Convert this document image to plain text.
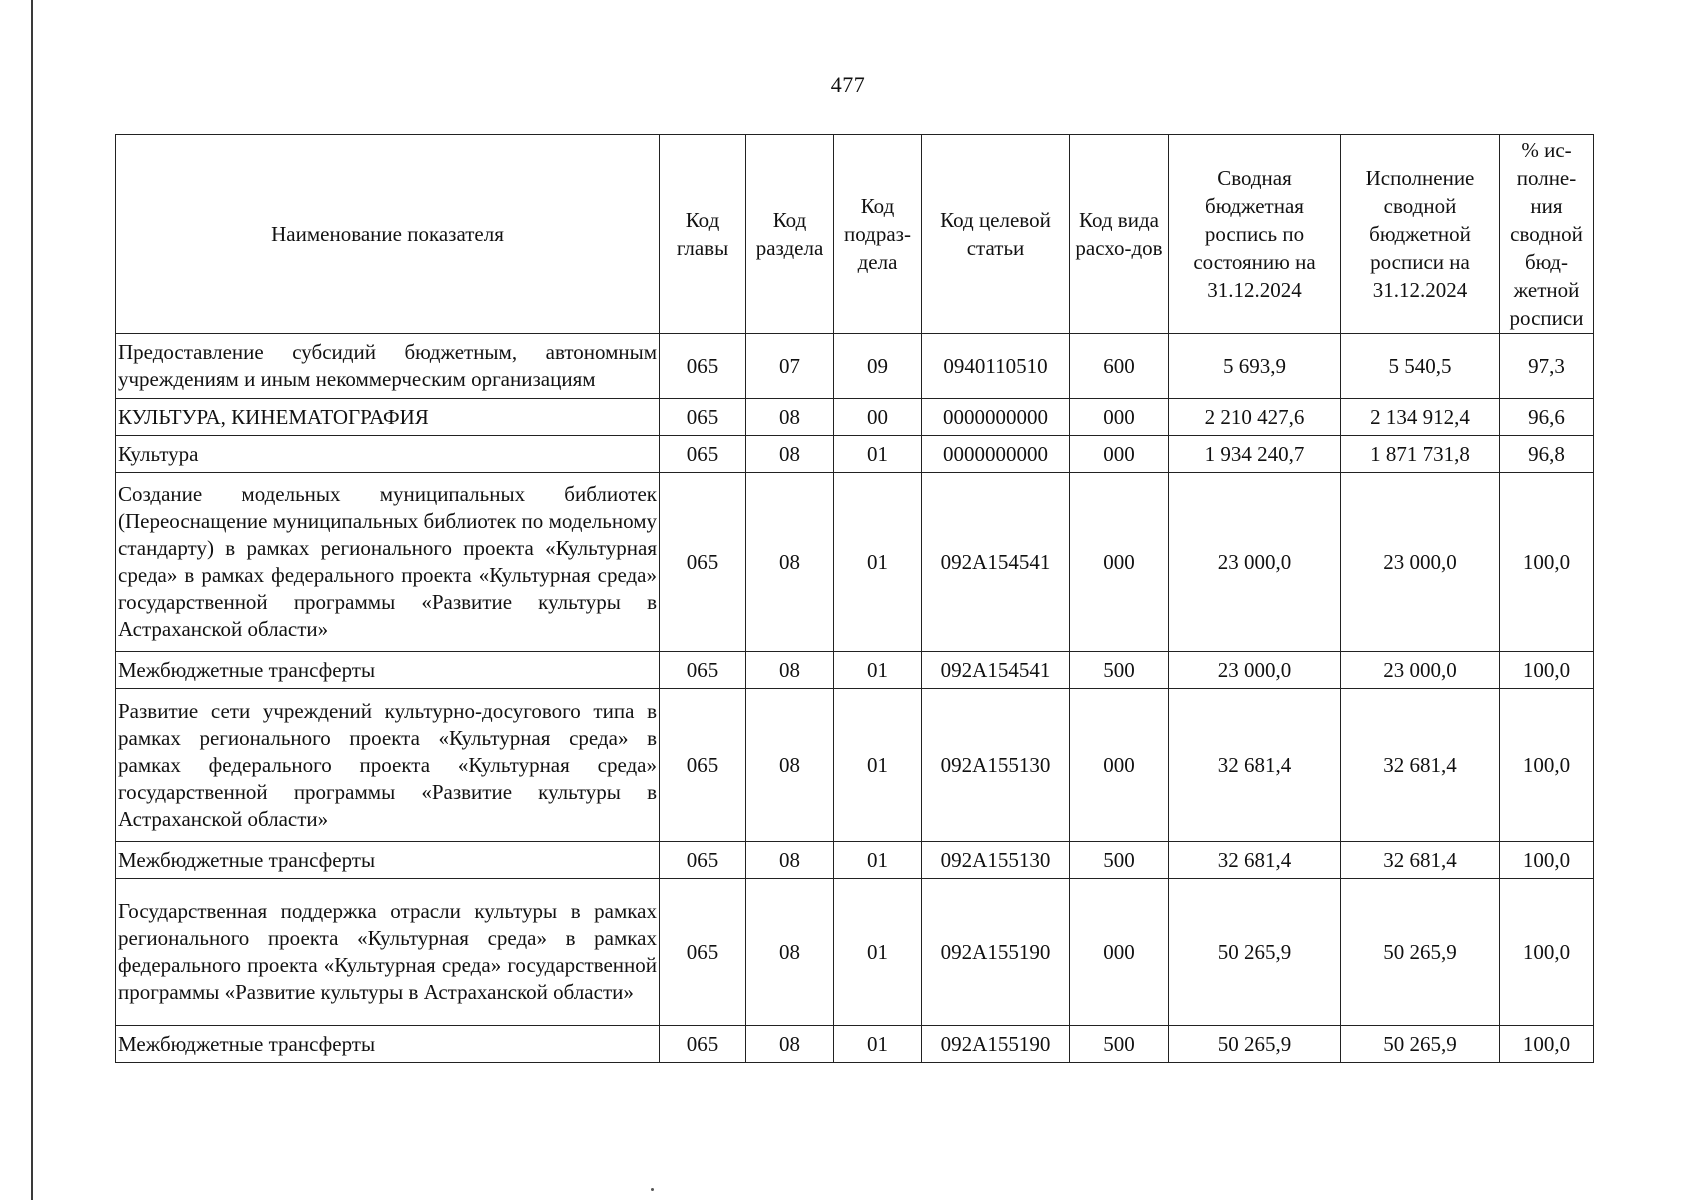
477
Наименование показателя	Код главы	Код раздела	Код подраз-дела	Код целевой статьи	Код вида расхо-дов	Сводная бюджетная роспись по состоянию на 31.12.2024	Исполнение сводной бюджетной росписи на 31.12.2024	% ис-полне-ния сводной бюд-жетной росписи
Предоставление субсидий бюджетным, автономным учреждениям и иным некоммерческим организациям	065	07	09	0940110510	600	5 693,9	5 540,5	97,3
КУЛЬТУРА, КИНЕМАТОГРАФИЯ	065	08	00	0000000000	000	2 210 427,6	2 134 912,4	96,6
Культура	065	08	01	0000000000	000	1 934 240,7	1 871 731,8	96,8
Создание модельных муниципальных библиотек (Переоснащение муниципальных библиотек по модельному стандарту) в рамках регионального проекта «Культурная среда» в рамках федерального проекта «Культурная среда» государственной программы «Развитие культуры в Астраханской области»	065	08	01	092A154541	000	23 000,0	23 000,0	100,0
Межбюджетные трансферты	065	08	01	092A154541	500	23 000,0	23 000,0	100,0
Развитие сети учреждений культурно-досугового типа в рамках регионального проекта «Культурная среда» в рамках федерального проекта «Культурная среда» государственной программы «Развитие культуры в Астраханской области»	065	08	01	092A155130	000	32 681,4	32 681,4	100,0
Межбюджетные трансферты	065	08	01	092A155130	500	32 681,4	32 681,4	100,0
Государственная поддержка отрасли культуры в рамках регионального проекта «Культурная среда» в рамках федерального проекта «Культурная среда» государственной программы «Развитие культуры в Астраханской области»	065	08	01	092A155190	000	50 265,9	50 265,9	100,0
Межбюджетные трансферты	065	08	01	092A155190	500	50 265,9	50 265,9	100,0
